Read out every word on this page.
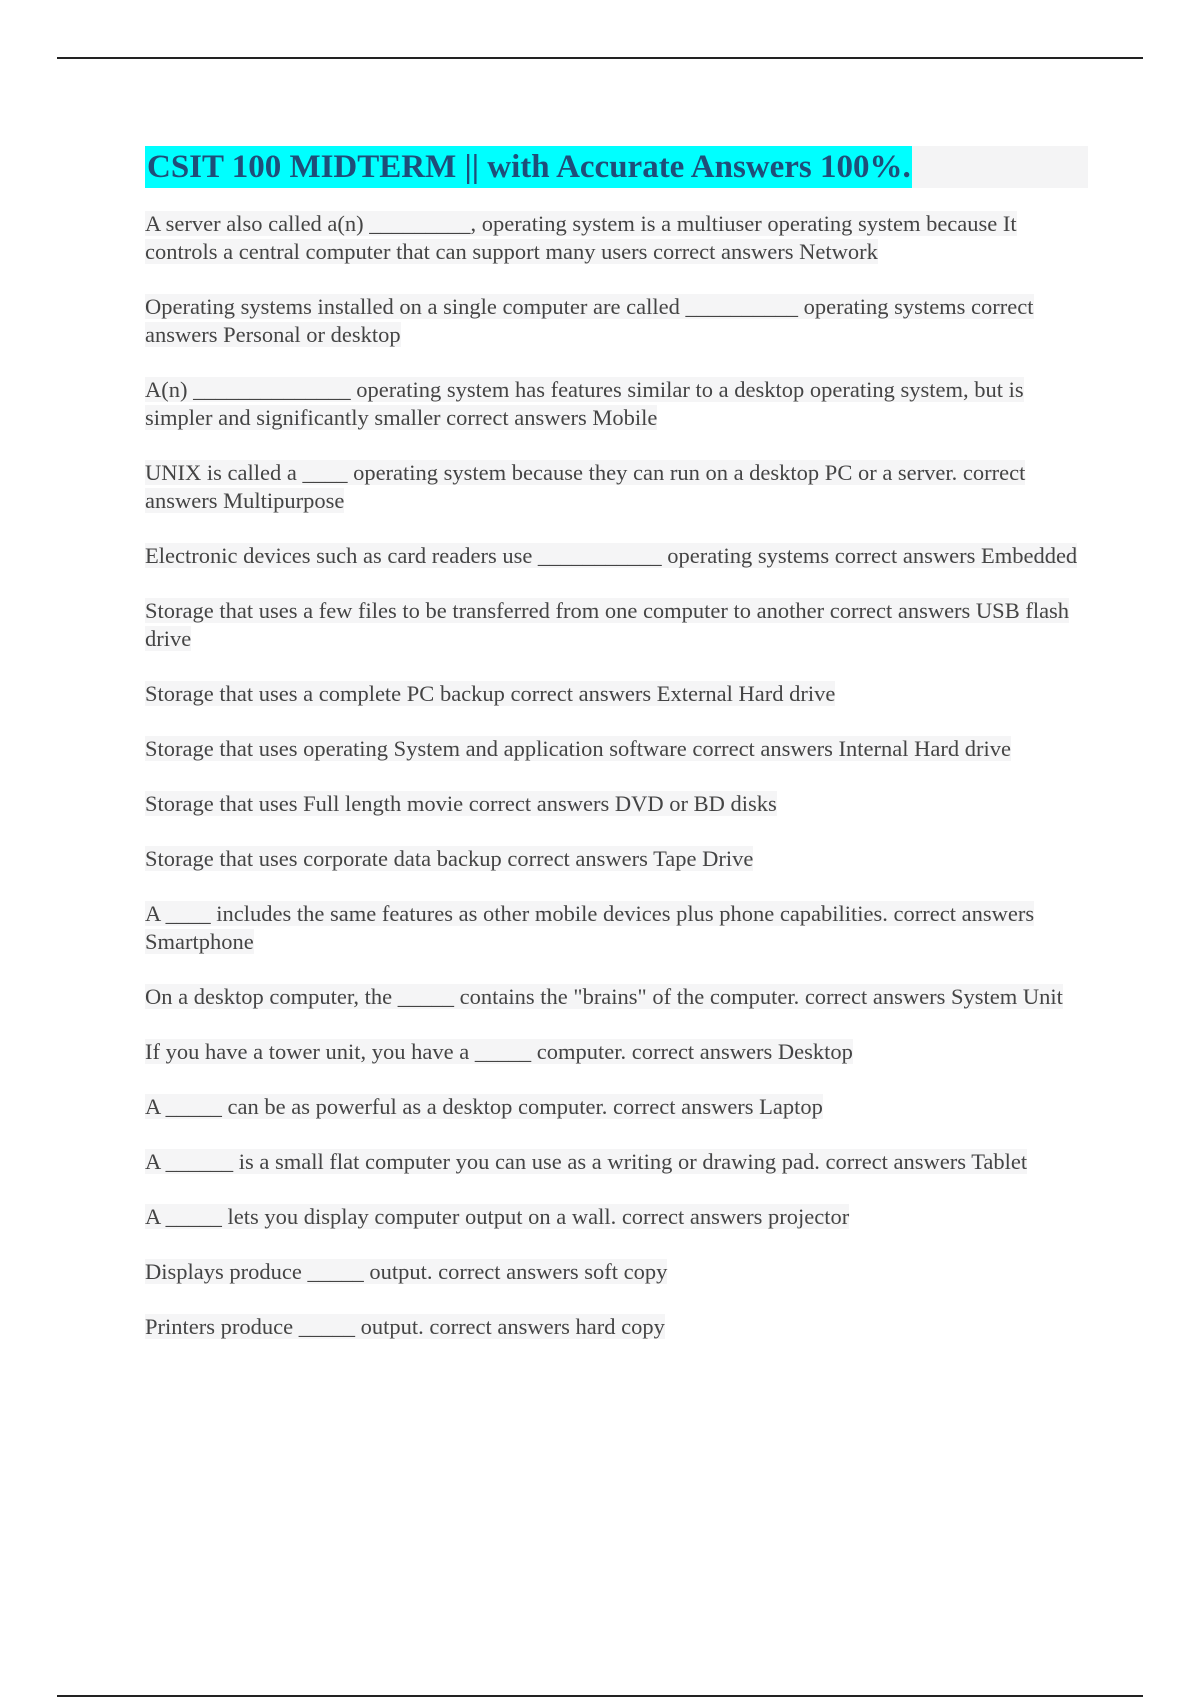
CSIT 100 MIDTERM || with Accurate Answers 100%.
A server also called a(n) _________, operating system is a multiuser operating system because It controls a central computer that can support many users correct answers Network
Operating systems installed on a single computer are called __________ operating systems correct answers Personal or desktop
A(n) ______________ operating system has features similar to a desktop operating system, but is simpler and significantly smaller correct answers Mobile
UNIX is called a ____ operating system because they can run on a desktop PC or a server. correct answers Multipurpose
Electronic devices such as card readers use ___________ operating systems correct answers Embedded
Storage that uses a few files to be transferred from one computer to another correct answers USB flash drive
Storage that uses a complete PC backup correct answers External Hard drive
Storage that uses operating System and application software correct answers Internal Hard drive
Storage that uses Full length movie correct answers DVD or BD disks
Storage that uses corporate data backup correct answers Tape Drive
A ____ includes the same features as other mobile devices plus phone capabilities. correct answers Smartphone
On a desktop computer, the _____ contains the "brains" of the computer. correct answers System Unit
If you have a tower unit, you have a _____ computer. correct answers Desktop
A _____ can be as powerful as a desktop computer. correct answers Laptop
A ______ is a small flat computer you can use as a writing or drawing pad. correct answers Tablet
A _____ lets you display computer output on a wall. correct answers projector
Displays produce _____ output. correct answers soft copy
Printers produce _____ output. correct answers hard copy
